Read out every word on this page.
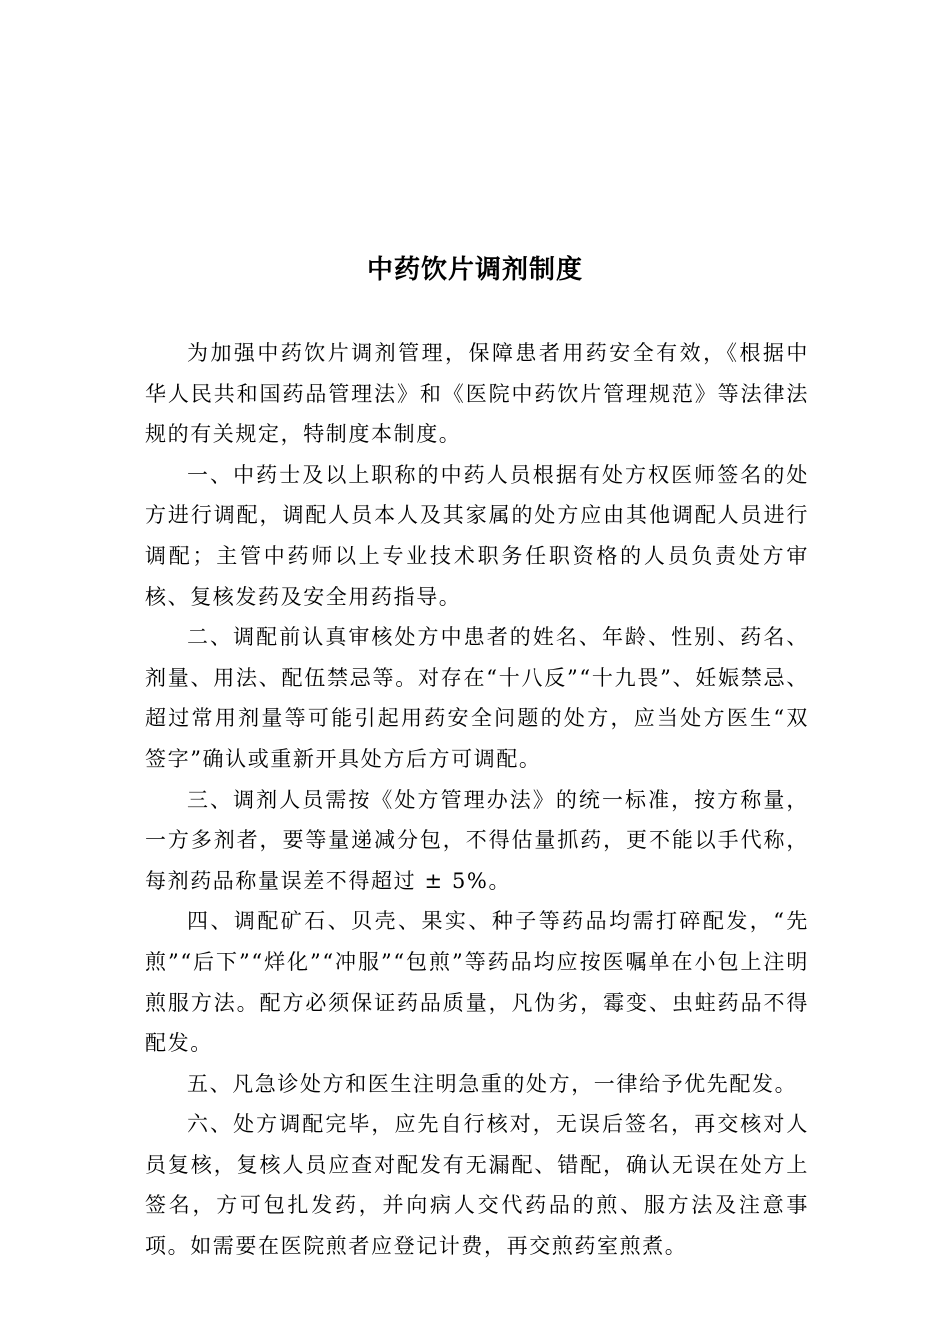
中药饮片调剂制度

为加强中药饮片调剂管理，保障患者用药安全有效，《根据中华人民共和国药品管理法》和《医院中药饮片管理规范》等法律法规的有关规定，特制度本制度。

一、中药士及以上职称的中药人员根据有处方权医师签名的处方进行调配，调配人员本人及其家属的处方应由其他调配人员进行调配；主管中药师以上专业技术职务任职资格的人员负责处方审核、复核发药及安全用药指导。

二、调配前认真审核处方中患者的姓名、年龄、性别、药名、剂量、用法、配伍禁忌等。对存在“十八反”“十九畏”、妊娠禁忌、超过常用剂量等可能引起用药安全问题的处方，应当处方医生“双签字”确认或重新开具处方后方可调配。

三、调剂人员需按《处方管理办法》的统一标准，按方称量，一方多剂者，要等量递减分包，不得估量抓药，更不能以手代称，每剂药品称量误差不得超过 ± 5%。

四、调配矿石、贝壳、果实、种子等药品均需打碎配发，“先煎”“后下”“烊化”“冲服”“包煎”等药品均应按医嘱单在小包上注明煎服方法。配方必须保证药品质量，凡伪劣，霉变、虫蛀药品不得配发。

五、凡急诊处方和医生注明急重的处方，一律给予优先配发。

六、处方调配完毕，应先自行核对，无误后签名，再交核对人员复核，复核人员应查对配发有无漏配、错配，确认无误在处方上签名，方可包扎发药，并向病人交代药品的煎、服方法及注意事项。如需要在医院煎者应登记计费，再交煎药室煎煮。
